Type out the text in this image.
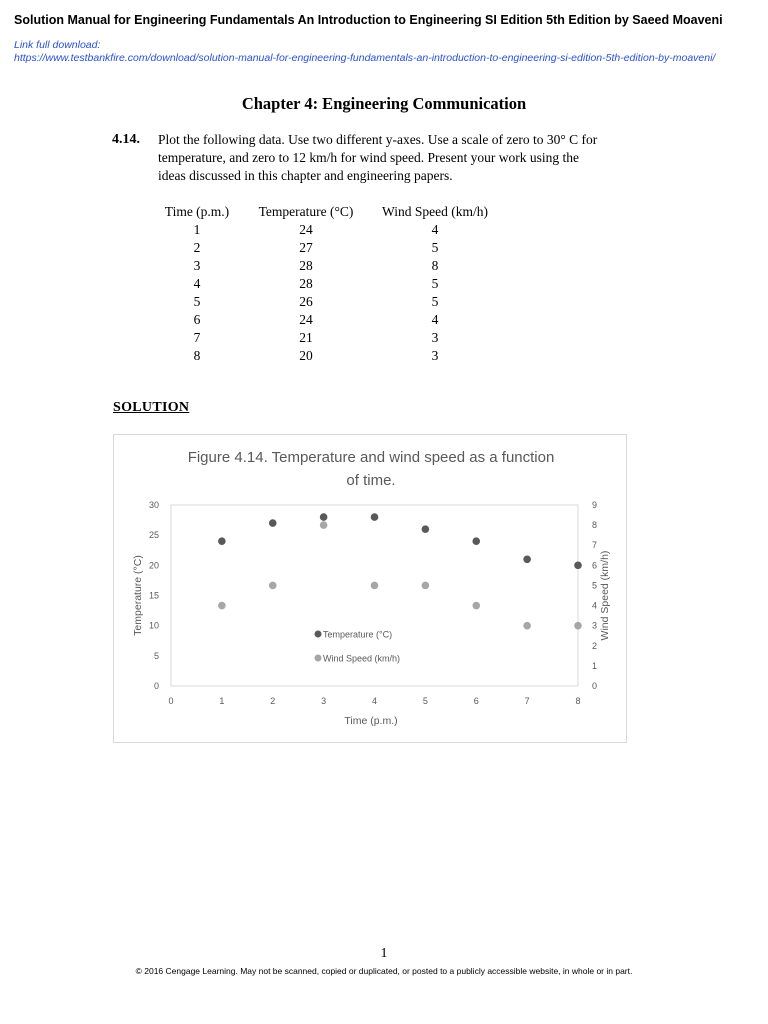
Solution Manual for Engineering Fundamentals An Introduction to Engineering SI Edition 5th Edition by Saeed Moaveni
Link full download:
https://www.testbankfire.com/download/solution-manual-for-engineering-fundamentals-an-introduction-to-engineering-si-edition-5th-edition-by-moaveni/
Chapter 4: Engineering Communication
4.14. Plot the following data. Use two different y-axes. Use a scale of zero to 30° C for
temperature, and zero to 12 km/h for wind speed. Present your work using the
ideas discussed in this chapter and engineering papers.
Time (p.m.)	Temperature (°C)	Wind Speed (km/h)
1	24	4
2	27	5
3	28	8
4	28	5
5	26	5
6	24	4
7	21	3
8	20	3
SOLUTION
Figure 4.14. Temperature and wind speed as a function
of time.
0
5
10
15
20
25
30
0
1
2
3
4
5
6
7
8
9
0	1	2	3	4	5	6	7	8
Time (p.m.)
Temperature (°C)	Wind Speed (km/h)
Temperature (°C)
Wind Speed (km/h)
1
© 2016 Cengage Learning. May not be scanned, copied or duplicated, or posted to a publicly accessible website, in whole or in part.
